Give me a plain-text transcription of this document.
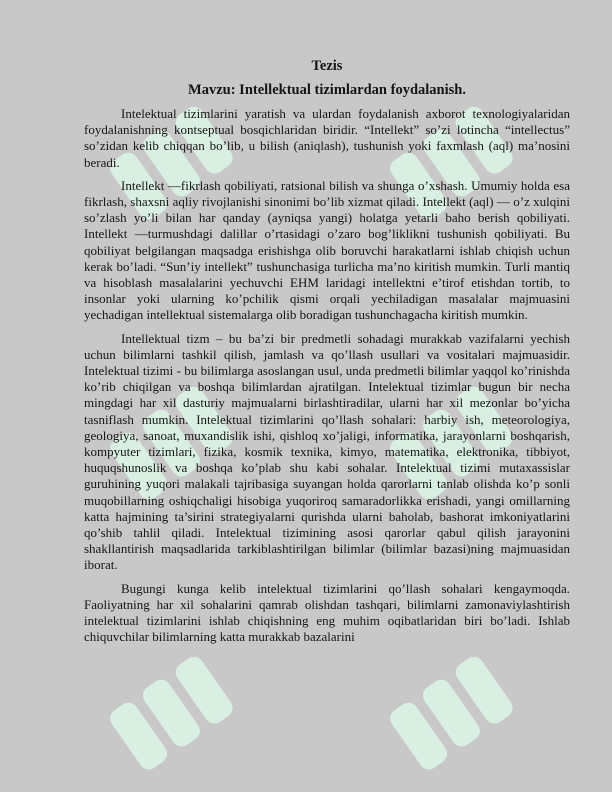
Tezis
Mavzu: Intellektual tizimlardan foydalanish.

Intelektual tizimlarini yaratish va ulardan foydalanish axborot texnologiyalaridan foydalanishning kontseptual bosqichlaridan biridir. “Intellekt” so’zi lotincha “intellectus” so’zidan kelib chiqqan bo’lib, u bilish (aniqlash), tushunish yoki faxmlash (aql) ma’nosini beradi.

Intellekt —fikrlash qobiliyati, ratsional bilish va shunga o’xshash. Umumiy holda esa fikrlash, shaxsni aqliy rivojlanishi sinonimi bo’lib xizmat qiladi. Intellekt (aql) — o’z xulqini so’zlash yo’li bilan har qanday (ayniqsa yangi) holatga yetarli baho berish qobiliyati. Intellekt —turmushdagi dalillar o’rtasidagi o’zaro bog’liklikni tushunish qobiliyati. Bu qobiliyat belgilangan maqsadga erishishga olib boruvchi harakatlarni ishlab chiqish uchun kerak bo’ladi. “Sun’iy intellekt” tushunchasiga turlicha ma’no kiritish mumkin. Turli mantiq va hisoblash masalalarini yechuvchi EHM laridagi intellektni e’tirof etishdan tortib, to insonlar yoki ularning ko’pchilik qismi orqali yechiladigan masalalar majmuasini yechadigan intellektual sistemalarga olib boradigan tushunchagacha kiritish mumkin.

Intellektual tizm – bu ba’zi bir predmetli sohadagi murakkab vazifalarni yechish uchun bilimlarni tashkil qilish, jamlash va qo’llash usullari va vositalari majmuasidir. Intelektual tizimi - bu bilimlarga asoslangan usul, unda predmetli bilimlar yaqqol ko’rinishda ko’rib chiqilgan va boshqa bilimlardan ajratilgan. Intelektual tizimlar bugun bir necha mingdagi har xil dasturiy majmualarni birlashtiradilar, ularni har xil mezonlar bo’yicha tasniflash mumkin. Intelektual tizimlarini qo’llash sohalari: harbiy ish, meteorologiya, geologiya, sanoat, muxandislik ishi, qishloq xo’jaligi, informatika, jarayonlarni boshqarish, kompyuter tizimlari, fizika, kosmik texnika, kimyo, matematika, elektronika, tibbiyot, huquqshunoslik va boshqa ko’plab shu kabi sohalar. Intelektual tizimi mutaxassislar guruhining yuqori malakali tajribasiga suyangan holda qarorlarni tanlab olishda ko’p sonli muqobillarning oshiqchaligi hisobiga yuqoriroq samaradorlikka erishadi, yangi omillarning katta hajmining ta’sirini strategiyalarni qurishda ularni baholab, bashorat imkoniyatlarini qo’shib tahlil qiladi. Intelektual tizimining asosi qarorlar qabul qilish jarayonini shakllantirish maqsadlarida tarkiblashtirilgan bilimlar (bilimlar bazasi)ning majmuasidan iborat.

Bugungi kunga kelib intelektual tizimlarini qo’llash sohalari kengaymoqda. Faoliyatning har xil sohalarini qamrab olishdan tashqari, bilimlarni zamonaviylashtirish intelektual tizimlarini ishlab chiqishning eng muhim oqibatlaridan biri bo’ladi. Ishlab chiquvchilar bilimlarning katta murakkab bazalarini
